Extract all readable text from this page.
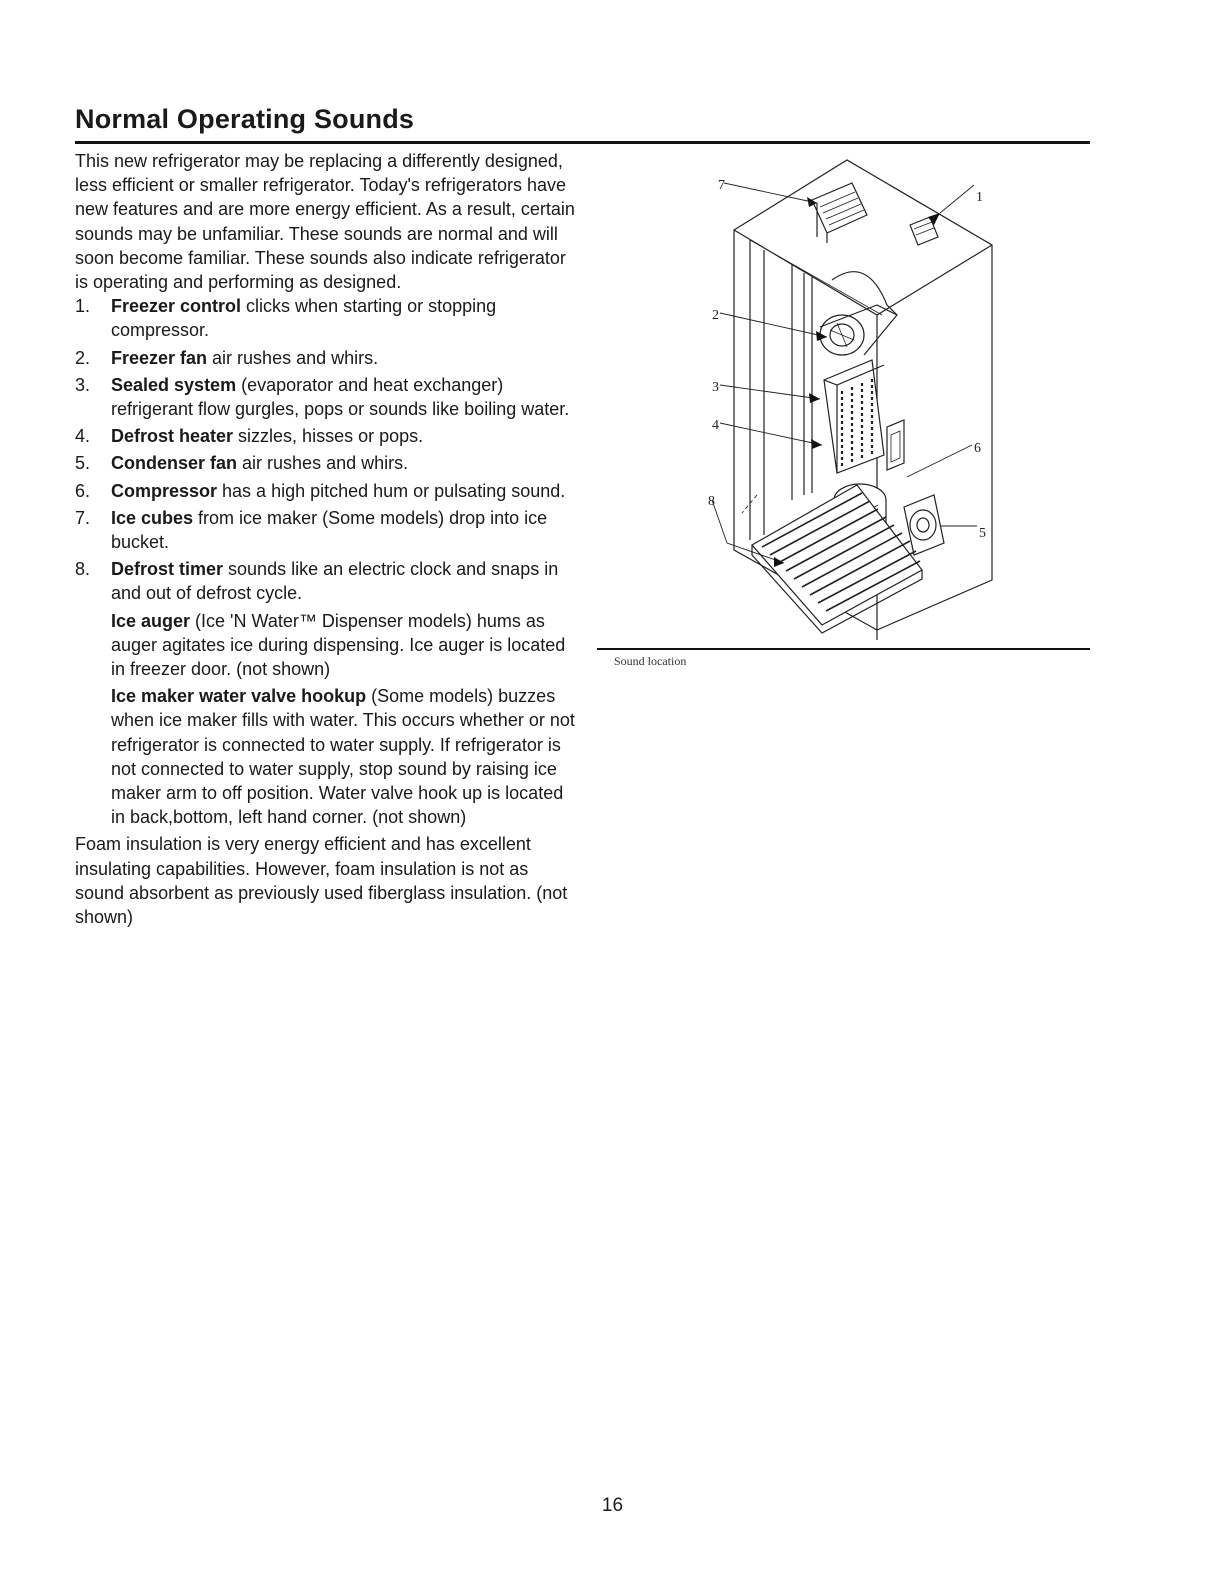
Normal Operating Sounds

This new refrigerator may be replacing a differently designed, less efficient or smaller refrigerator. Today's refrigerators have new features and are more energy efficient. As a result, certain sounds may be unfamiliar. These sounds are normal and will soon become familiar. These sounds also indicate refrigerator is operating and performing as designed.

1. Freezer control clicks when starting or stopping compressor.
2. Freezer fan air rushes and whirs.
3. Sealed system (evaporator and heat exchanger) refrigerant flow gurgles, pops or sounds like boiling water.
4. Defrost heater sizzles, hisses or pops.
5. Condenser fan air rushes and whirs.
6. Compressor has a high pitched hum or pulsating sound.
7. Ice cubes from ice maker (Some models) drop into ice bucket.
8. Defrost timer sounds like an electric clock and snaps in and out of defrost cycle.
Ice auger (Ice 'N Water™ Dispenser models) hums as auger agitates ice during dispensing. Ice auger is located in freezer door. (not shown)
Ice maker water valve hookup (Some models) buzzes when ice maker fills with water. This occurs whether or not refrigerator is connected to water supply. If refrigerator is not connected to water supply, stop sound by raising ice maker arm to off position. Water valve hook up is located in back,bottom, left hand corner. (not shown)

Foam insulation is very energy efficient and has excellent insulating capabilities. However, foam insulation is not as sound absorbent as previously used fiberglass insulation. (not shown)

7
1
2
3
4
6
5
8
Sound location
16
